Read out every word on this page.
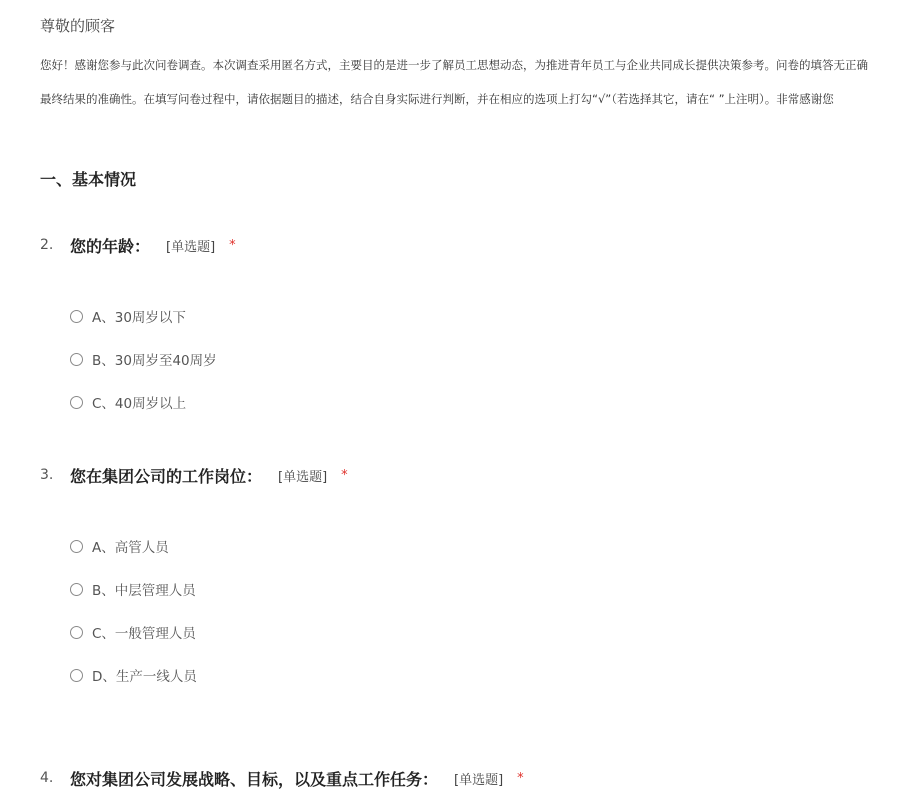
尊敬的顾客
您好！感谢您参与此次问卷调查。本次调查采用匿名方式，主要目的是进一步了解员工思想动态，为推进青年员工与企业共同成长提供决策参考。问卷的填答无正确
最终结果的准确性。在填写问卷过程中，请依据题目的描述，结合自身实际进行判断，并在相应的选项上打勾“√”（若选择其它，请在“ ”上注明）。非常感谢您
一、基本情况
2.	您的年龄： [单选题] *
A、30周岁以下
B、30周岁至40周岁
C、40周岁以上
3.	您在集团公司的工作岗位： [单选题] *
A、高管人员
B、中层管理人员
C、一般管理人员
D、生产一线人员
4.	您对集团公司发展战略、目标，以及重点工作任务： [单选题] *
